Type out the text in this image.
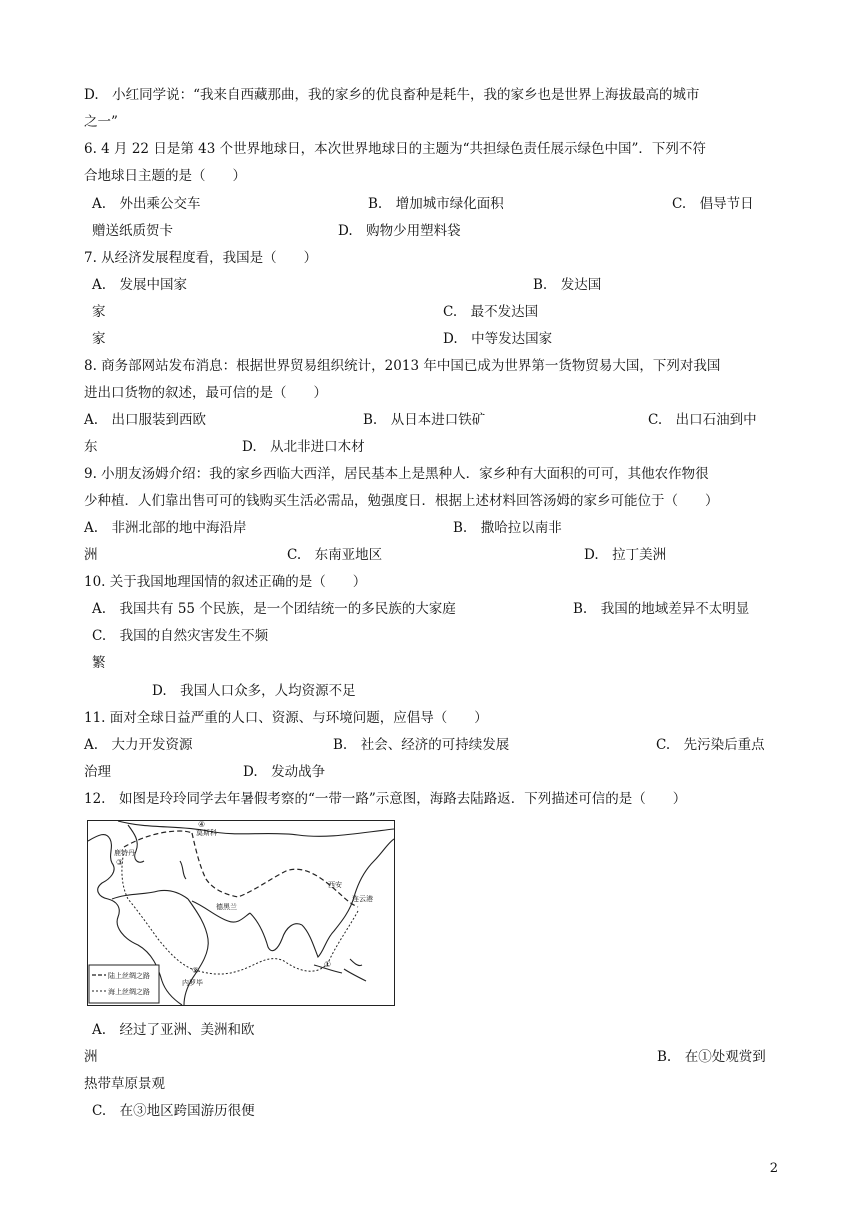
D.　小红同学说：“我来自西藏那曲，我的家乡的优良畜种是耗牛，我的家乡也是世界上海拔最高的城市
之一”
6. 4 月 22 日是第 43 个世界地球日，本次世界地球日的主题为“共担绿色责任展示绿色中国”．下列不符
合地球日主题的是（　　）
A.　外出乘公交车	B.　增加城市绿化面积	C.　倡导节日
赠送纸质贺卡	D.　购物少用塑料袋
7. 从经济发展程度看，我国是（　　）
A.　发展中国家	B.　发达国
家	C.　最不发达国
家	D.　中等发达国家
8. 商务部网站发布消息：根据世界贸易组织统计，2013 年中国已成为世界第一货物贸易大国，下列对我国
进出口货物的叙述，最可信的是（　　）
A.　出口服装到西欧	B.　从日本进口铁矿	C.　出口石油到中
东	D.　从北非进口木材
9. 小朋友汤姆介绍：我的家乡西临大西洋，居民基本上是黑种人．家乡种有大面积的可可，其他农作物很
少种植．人们靠出售可可的钱购买生活必需品，勉强度日．根据上述材料回答汤姆的家乡可能位于（　　）
A.　非洲北部的地中海沿岸	B.　撒哈拉以南非
洲	C.　东南亚地区	D.　拉丁美洲
10. 关于我国地理国情的叙述正确的是（　　）
A.　我国共有 55 个民族，是一个团结统一的多民族的大家庭	B.　我国的地域差异不太明显
C.　我国的自然灾害发生不频
繁
D.　我国人口众多，人均资源不足
11. 面对全球日益严重的人口、资源、与环境问题，应倡导（　　）
A.　大力开发资源	B.　社会、经济的可持续发展	C.　先污染后重点
治理	D.　发动战争
12.　如图是玲玲同学去年暑假考察的“一带一路”示意图，海路去陆路返．下列描述可信的是（　　）
莫斯科
鹿特丹
德黑兰
西安
连云港
内罗毕
①
②
③
④
陆上丝绸之路
海上丝绸之路
A.　经过了亚洲、美洲和欧
洲	B.　在①处观赏到
热带草原景观
C.　在③地区跨国游历很便
2
